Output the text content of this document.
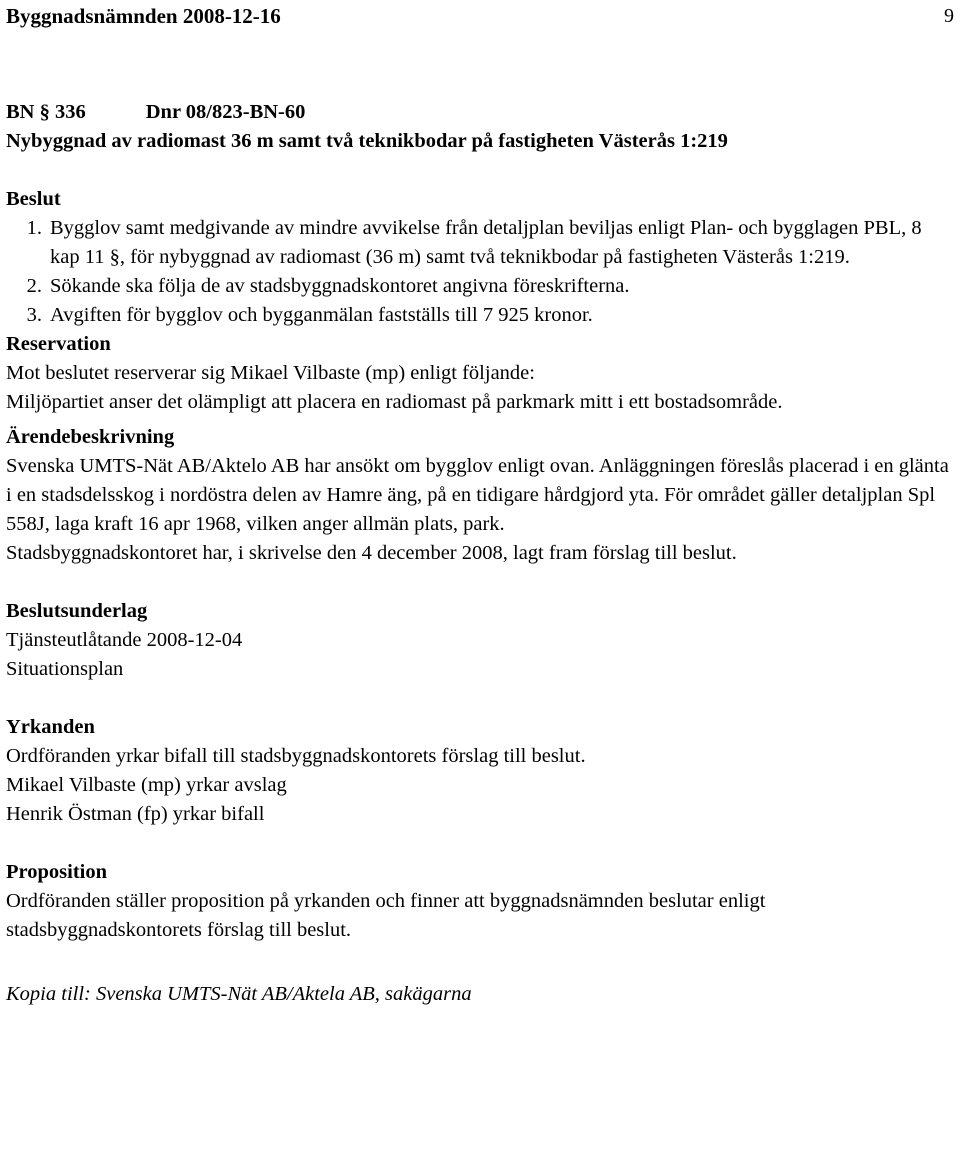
Byggnadsnämnden 2008-12-16	9

BN § 336	Dnr 08/823-BN-60

Nybyggnad av radiomast 36 m samt två teknikbodar på fastigheten Västerås 1:219

Beslut

1. Bygglov samt medgivande av mindre avvikelse från detaljplan beviljas enligt Plan- och bygglagen PBL, 8 kap 11 §, för nybyggnad av radiomast (36 m) samt två teknikbodar på fastigheten Västerås 1:219.
2. Sökande ska följa de av stadsbyggnadskontoret angivna föreskrifterna.
3. Avgiften för bygglov och bygganmälan fastställs till 7 925 kronor.

Reservation

Mot beslutet reserverar sig Mikael Vilbaste (mp) enligt följande:

Miljöpartiet anser det olämpligt att placera en radiomast på parkmark mitt i ett bostadsområde.

Ärendebeskrivning

Svenska UMTS-Nät AB/Aktelo AB har ansökt om bygglov enligt ovan. Anläggningen föreslås placerad i en glänta i en stadsdelsskog i nordöstra delen av Hamre äng, på en tidigare hårdgjord yta. För området gäller detaljplan Spl 558J, laga kraft 16 apr 1968, vilken anger allmän plats, park.

Stadsbyggnadskontoret har, i skrivelse den 4 december 2008, lagt fram förslag till beslut.

Beslutsunderlag

Tjänsteutlåtande 2008-12-04

Situationsplan

Yrkanden

Ordföranden yrkar bifall till stadsbyggnadskontorets förslag till beslut.

Mikael Vilbaste (mp) yrkar avslag

Henrik Östman (fp) yrkar bifall

Proposition

Ordföranden ställer proposition på yrkanden och finner att byggnadsnämnden beslutar enligt stadsbyggnadskontorets förslag till beslut.

Kopia till: Svenska UMTS-Nät AB/Aktela AB, sakägarna
